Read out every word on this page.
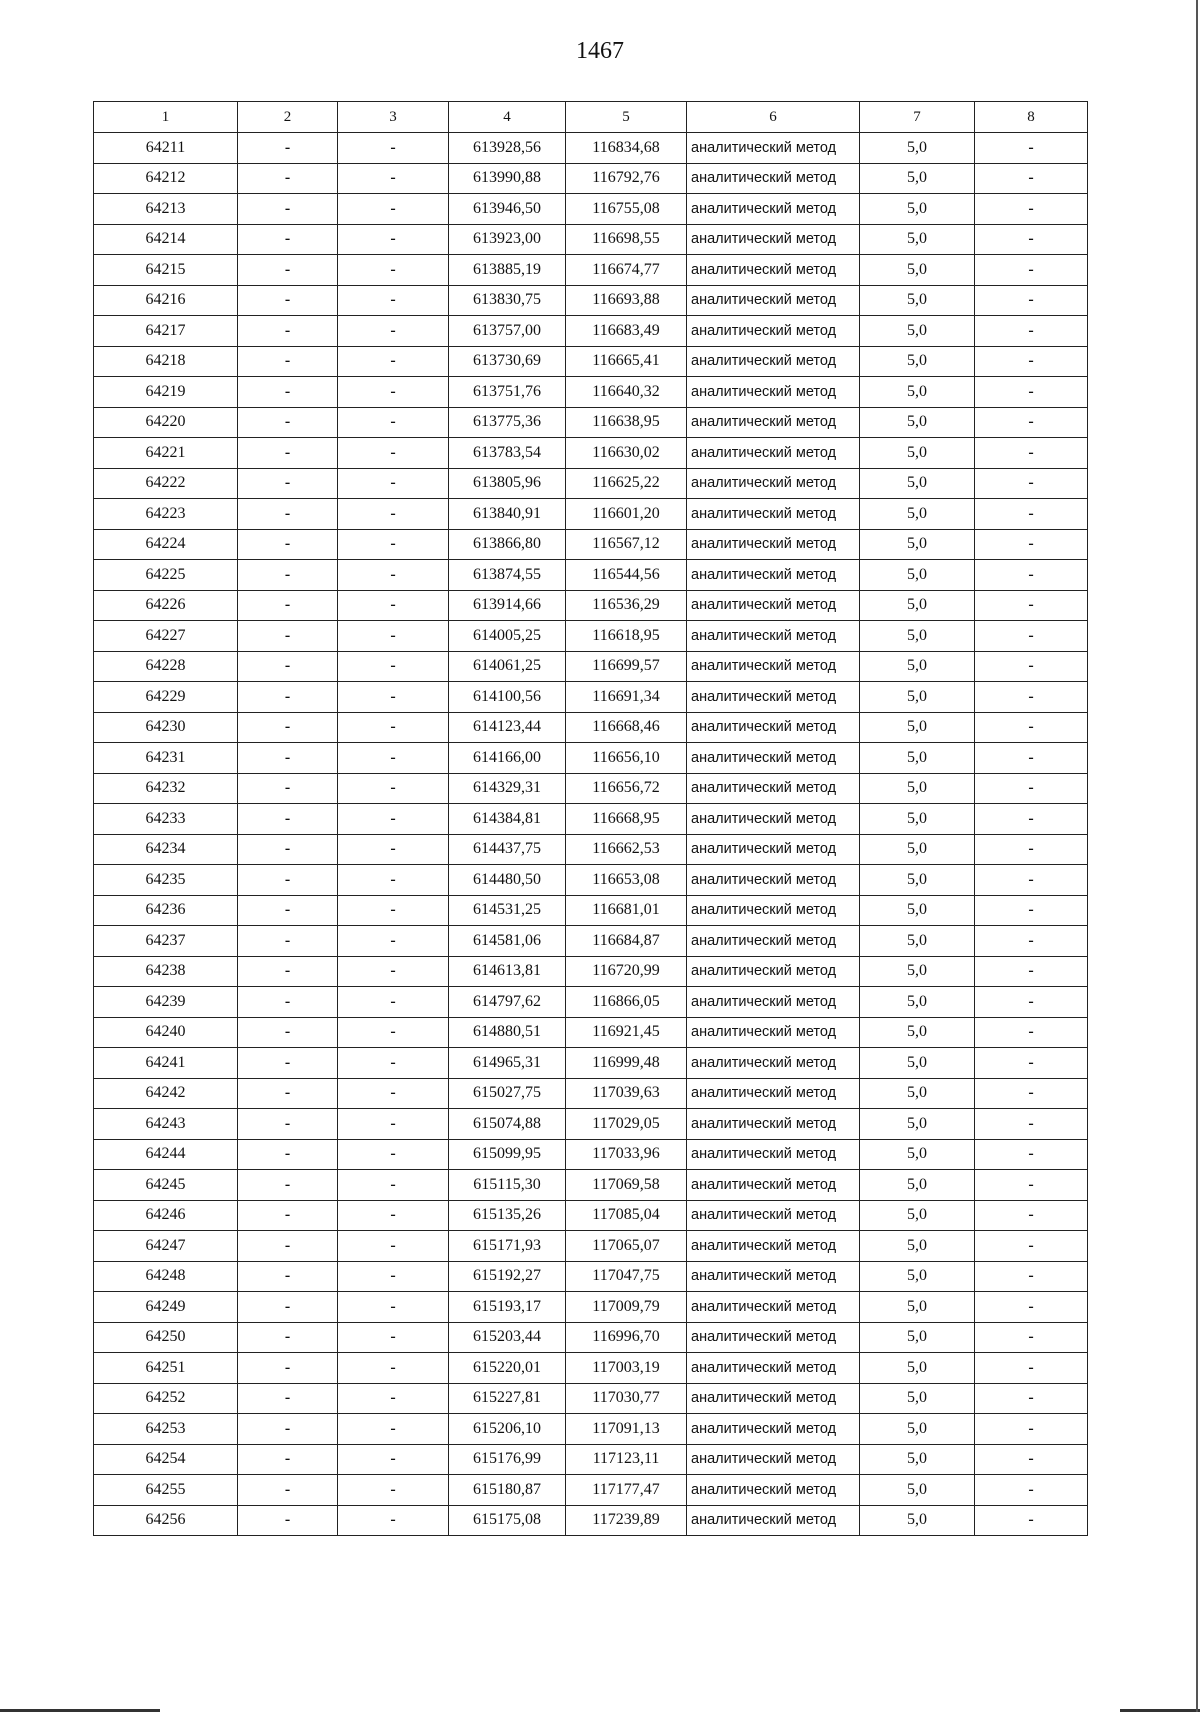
1467
1	2	3	4	5	6	7	8
64211	-	-	613928,56	116834,68	аналитический метод	5,0	-
64212	-	-	613990,88	116792,76	аналитический метод	5,0	-
64213	-	-	613946,50	116755,08	аналитический метод	5,0	-
64214	-	-	613923,00	116698,55	аналитический метод	5,0	-
64215	-	-	613885,19	116674,77	аналитический метод	5,0	-
64216	-	-	613830,75	116693,88	аналитический метод	5,0	-
64217	-	-	613757,00	116683,49	аналитический метод	5,0	-
64218	-	-	613730,69	116665,41	аналитический метод	5,0	-
64219	-	-	613751,76	116640,32	аналитический метод	5,0	-
64220	-	-	613775,36	116638,95	аналитический метод	5,0	-
64221	-	-	613783,54	116630,02	аналитический метод	5,0	-
64222	-	-	613805,96	116625,22	аналитический метод	5,0	-
64223	-	-	613840,91	116601,20	аналитический метод	5,0	-
64224	-	-	613866,80	116567,12	аналитический метод	5,0	-
64225	-	-	613874,55	116544,56	аналитический метод	5,0	-
64226	-	-	613914,66	116536,29	аналитический метод	5,0	-
64227	-	-	614005,25	116618,95	аналитический метод	5,0	-
64228	-	-	614061,25	116699,57	аналитический метод	5,0	-
64229	-	-	614100,56	116691,34	аналитический метод	5,0	-
64230	-	-	614123,44	116668,46	аналитический метод	5,0	-
64231	-	-	614166,00	116656,10	аналитический метод	5,0	-
64232	-	-	614329,31	116656,72	аналитический метод	5,0	-
64233	-	-	614384,81	116668,95	аналитический метод	5,0	-
64234	-	-	614437,75	116662,53	аналитический метод	5,0	-
64235	-	-	614480,50	116653,08	аналитический метод	5,0	-
64236	-	-	614531,25	116681,01	аналитический метод	5,0	-
64237	-	-	614581,06	116684,87	аналитический метод	5,0	-
64238	-	-	614613,81	116720,99	аналитический метод	5,0	-
64239	-	-	614797,62	116866,05	аналитический метод	5,0	-
64240	-	-	614880,51	116921,45	аналитический метод	5,0	-
64241	-	-	614965,31	116999,48	аналитический метод	5,0	-
64242	-	-	615027,75	117039,63	аналитический метод	5,0	-
64243	-	-	615074,88	117029,05	аналитический метод	5,0	-
64244	-	-	615099,95	117033,96	аналитический метод	5,0	-
64245	-	-	615115,30	117069,58	аналитический метод	5,0	-
64246	-	-	615135,26	117085,04	аналитический метод	5,0	-
64247	-	-	615171,93	117065,07	аналитический метод	5,0	-
64248	-	-	615192,27	117047,75	аналитический метод	5,0	-
64249	-	-	615193,17	117009,79	аналитический метод	5,0	-
64250	-	-	615203,44	116996,70	аналитический метод	5,0	-
64251	-	-	615220,01	117003,19	аналитический метод	5,0	-
64252	-	-	615227,81	117030,77	аналитический метод	5,0	-
64253	-	-	615206,10	117091,13	аналитический метод	5,0	-
64254	-	-	615176,99	117123,11	аналитический метод	5,0	-
64255	-	-	615180,87	117177,47	аналитический метод	5,0	-
64256	-	-	615175,08	117239,89	аналитический метод	5,0	-
